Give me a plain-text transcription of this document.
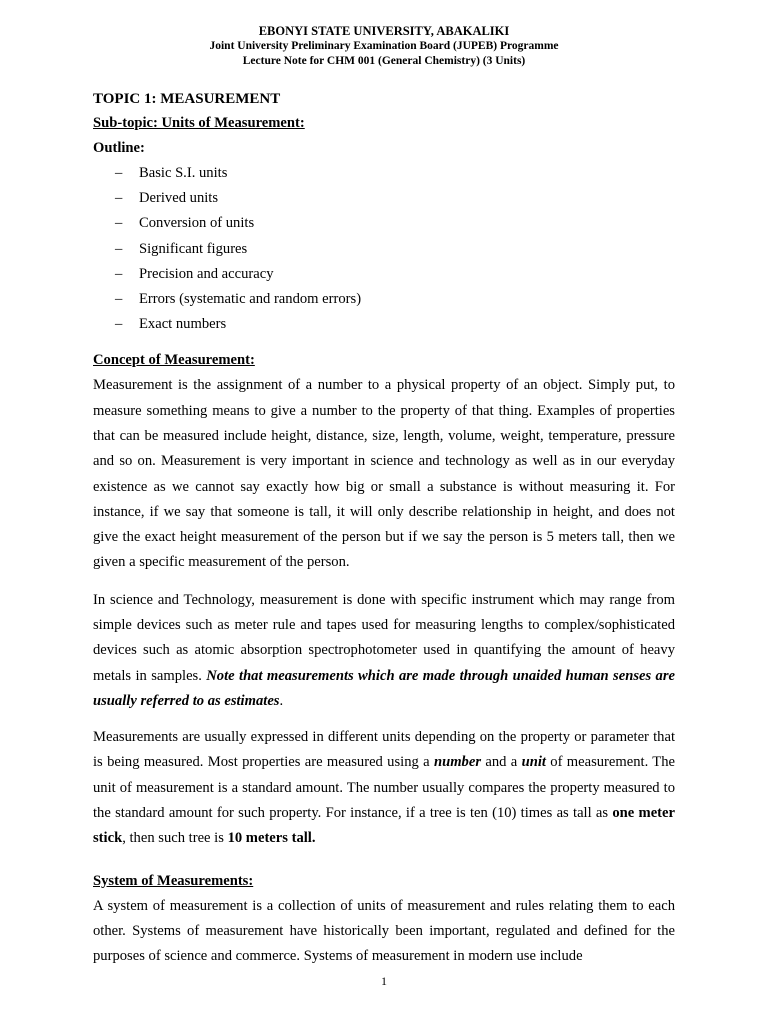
EBONYI STATE UNIVERSITY, ABAKALIKI
Joint University Preliminary Examination Board (JUPEB) Programme
Lecture Note for CHM 001 (General Chemistry) (3 Units)

TOPIC 1: MEASUREMENT

Sub-topic: Units of Measurement:

Outline:

– Basic S.I. units
– Derived units
– Conversion of units
– Significant figures
– Precision and accuracy
– Errors (systematic and random errors)
– Exact numbers

Concept of Measurement:

Measurement is the assignment of a number to a physical property of an object. Simply put, to measure something means to give a number to the property of that thing. Examples of properties that can be measured include height, distance, size, length, volume, weight, temperature, pressure and so on. Measurement is very important in science and technology as well as in our everyday existence as we cannot say exactly how big or small a substance is without measuring it. For instance, if we say that someone is tall, it will only describe relationship in height, and does not give the exact height measurement of the person but if we say the person is 5 meters tall, then we given a specific measurement of the person.

In science and Technology, measurement is done with specific instrument which may range from simple devices such as meter rule and tapes used for measuring lengths to complex/sophisticated devices such as atomic absorption spectrophotometer used in quantifying the amount of heavy metals in samples. Note that measurements which are made through unaided human senses are usually referred to as estimates.

Measurements are usually expressed in different units depending on the property or parameter that is being measured. Most properties are measured using a number and a unit of measurement. The unit of measurement is a standard amount. The number usually compares the property measured to the standard amount for such property. For instance, if a tree is ten (10) times as tall as one meter stick, then such tree is 10 meters tall.

System of Measurements:

A system of measurement is a collection of units of measurement and rules relating them to each other. Systems of measurement have historically been important, regulated and defined for the purposes of science and commerce. Systems of measurement in modern use include

1
